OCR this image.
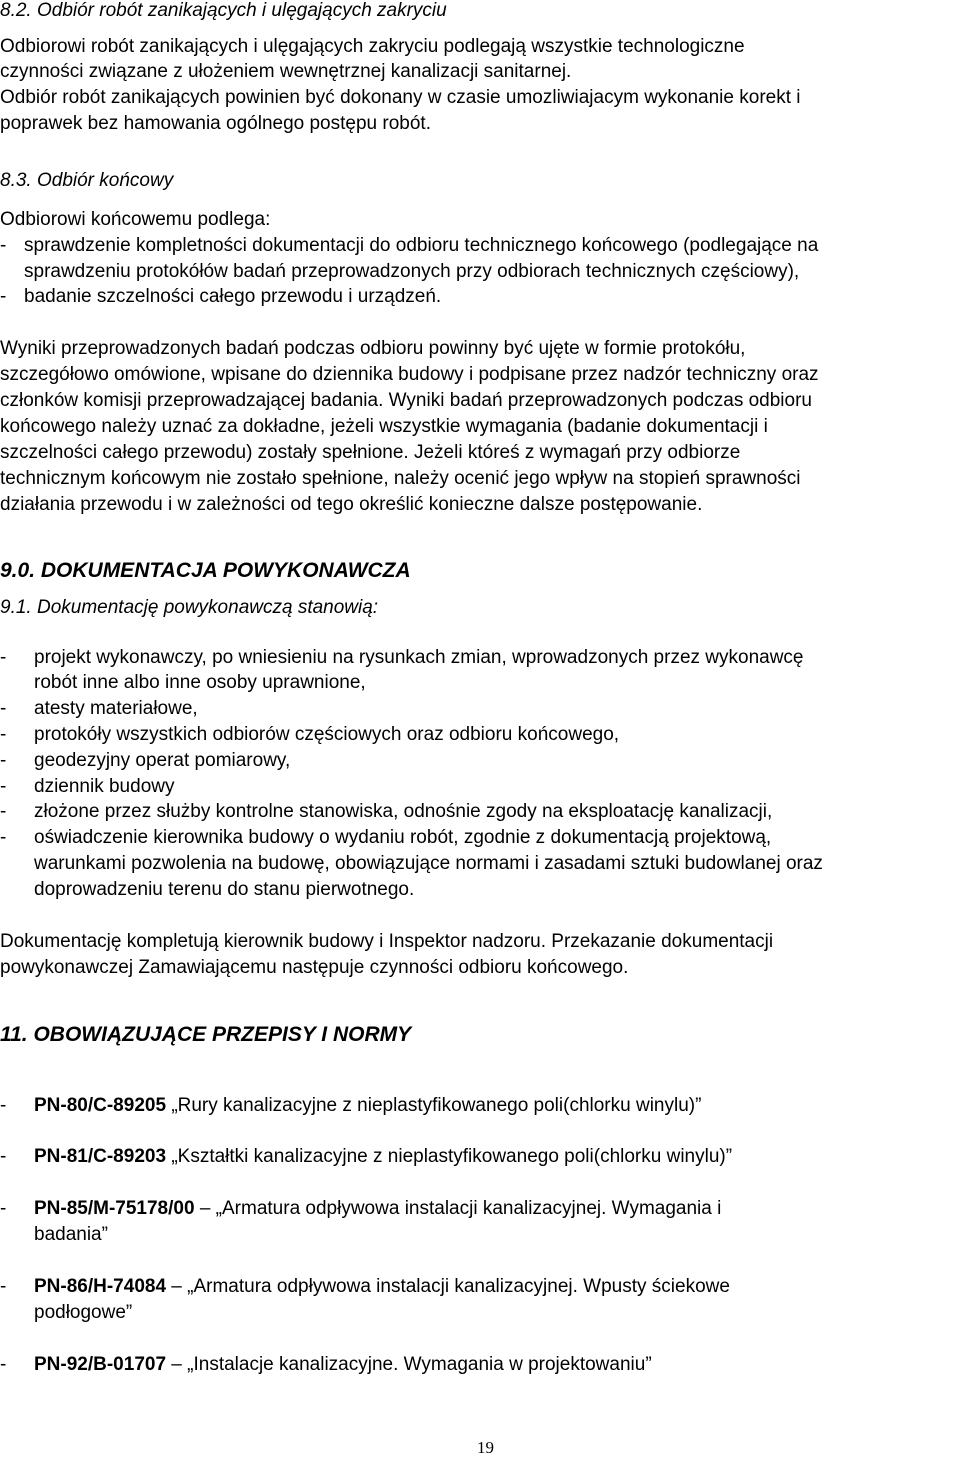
8.2. Odbiór robót zanikających i ulęgających zakryciu
Odbiorowi robót zanikających i ulęgających zakryciu podlegają wszystkie technologiczne
czynności związane z ułożeniem wewnętrznej kanalizacji sanitarnej.
Odbiór robót zanikających powinien być dokonany w czasie umozliwiajacym wykonanie korekt i
poprawek bez hamowania ogólnego postępu robót.
8.3. Odbiór końcowy
Odbiorowi końcowemu podlega:
- sprawdzenie kompletności dokumentacji do odbioru technicznego końcowego (podlegające na
sprawdzeniu protokółów badań przeprowadzonych przy odbiorach technicznych częściowy),
- badanie szczelności całego przewodu i urządzeń.
Wyniki przeprowadzonych badań podczas odbioru powinny być ujęte w formie protokółu,
szczegółowo omówione, wpisane do dziennika budowy i podpisane przez nadzór techniczny oraz
członków komisji przeprowadzającej badania. Wyniki badań przeprowadzonych podczas odbioru
końcowego należy uznać za dokładne, jeżeli wszystkie wymagania (badanie dokumentacji i
szczelności całego przewodu) zostały spełnione. Jeżeli któreś z wymagań przy odbiorze
technicznym końcowym nie zostało spełnione, należy ocenić jego wpływ na stopień sprawności
działania przewodu i w zależności od tego określić konieczne dalsze postępowanie.
9.0. DOKUMENTACJA POWYKONAWCZA
9.1. Dokumentację powykonawczą stanowią:
- projekt wykonawczy, po wniesieniu na rysunkach zmian, wprowadzonych przez wykonawcę
robót inne albo inne osoby uprawnione,
- atesty materiałowe,
- protokóły wszystkich odbiorów częściowych oraz odbioru końcowego,
- geodezyjny operat pomiarowy,
- dziennik budowy
- złożone przez służby kontrolne stanowiska, odnośnie zgody na eksploatację kanalizacji,
- oświadczenie kierownika budowy o wydaniu robót, zgodnie z dokumentacją projektową,
warunkami pozwolenia na budowę, obowiązujące normami i zasadami sztuki budowlanej oraz
doprowadzeniu terenu do stanu pierwotnego.
Dokumentację kompletują kierownik budowy i Inspektor nadzoru. Przekazanie dokumentacji
powykonawczej Zamawiającemu następuje czynności odbioru końcowego.
11. OBOWIĄZUJĄCE PRZEPISY I NORMY
- PN-80/C-89205 „Rury kanalizacyjne z nieplastyfikowanego poli(chlorku winylu)”
- PN-81/C-89203 „Kształtki kanalizacyjne z nieplastyfikowanego poli(chlorku winylu)”
- PN-85/M-75178/00 – „Armatura odpływowa instalacji kanalizacyjnej. Wymagania i
badania”
- PN-86/H-74084 – „Armatura odpływowa instalacji kanalizacyjnej. Wpusty ściekowe
podłogowe”
- PN-92/B-01707 – „Instalacje kanalizacyjne. Wymagania w projektowaniu”
19
